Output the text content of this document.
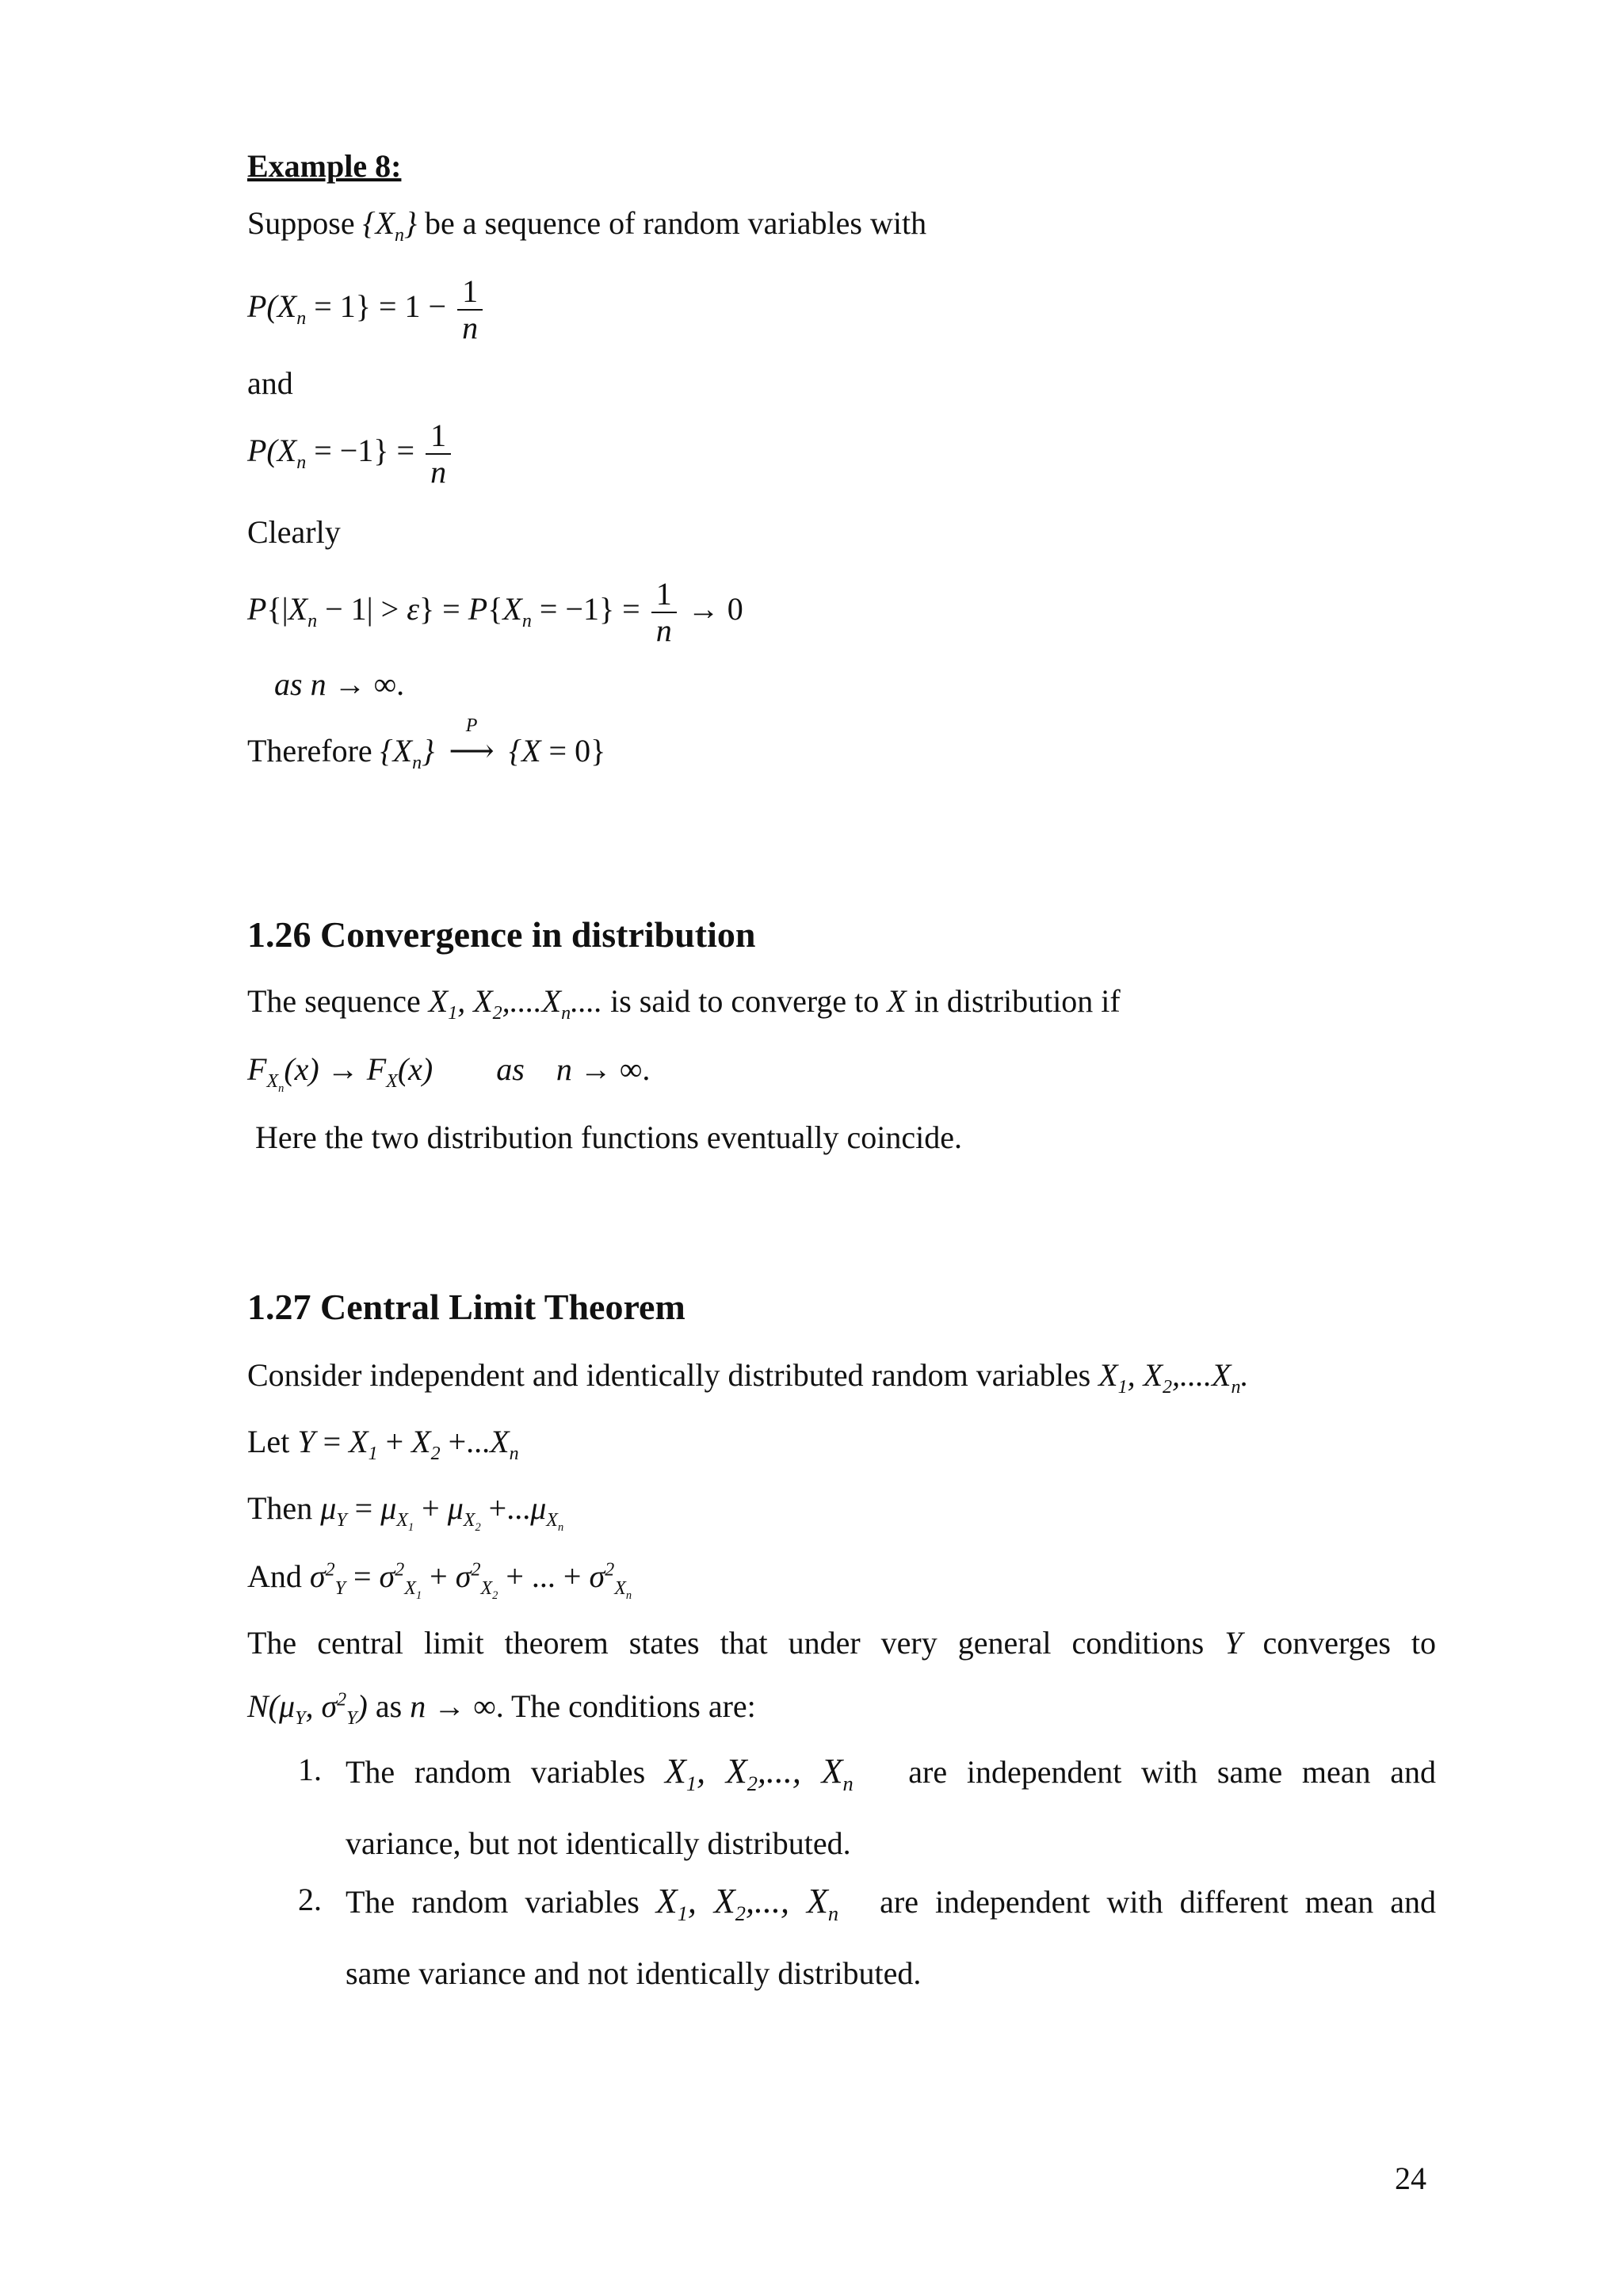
Example 8:
Suppose $\{X_n\}$ be a sequence of random variables with
$P(X_n = 1\} = 1 - \frac{1}{n}$
and
$P(X_n = -1\} = \frac{1}{n}$
Clearly
$P\{|X_n - 1| > \varepsilon\} = P\{X_n = -1\} = \frac{1}{n} \to 0$
as n → ∞.
Therefore $\{X_n\}$
P
⟶ {X = 0}
1.26 Convergence in distribution
The sequence $X_1$, $X_2,....X_n$.... is said to converge to X in distribution if
$F_{X_n}(x) \to F_X(x)$ as n → ∞.
Here the two distribution functions eventually coincide.
1.27 Central Limit Theorem
Consider independent and identically distributed random variables $X_1$, $X_2,....X_n$.
Let $Y = X_1 + X_2 +...X_n$
Then $\mu_Y = \mu_{X_1} + \mu_{X_2} +...\mu_{X_n}$
And $\sigma^2_Y = \sigma^2_{X_1} + \sigma^2_{X_2}$ + ... + $\sigma^2_{X_n}$
The central limit theorem states that under very general conditions Y converges to
$N(\mu_Y$, $\sigma^2_Y$) as n → ∞. The conditions are:
1. The random variables $X_1$, $X_2$,..., $X_n$ are independent with same mean and
variance, but not identically distributed.
2. The random variables $X_1$, $X_2$,..., $X_n$ are independent with different mean and
same variance and not identically distributed.
24
